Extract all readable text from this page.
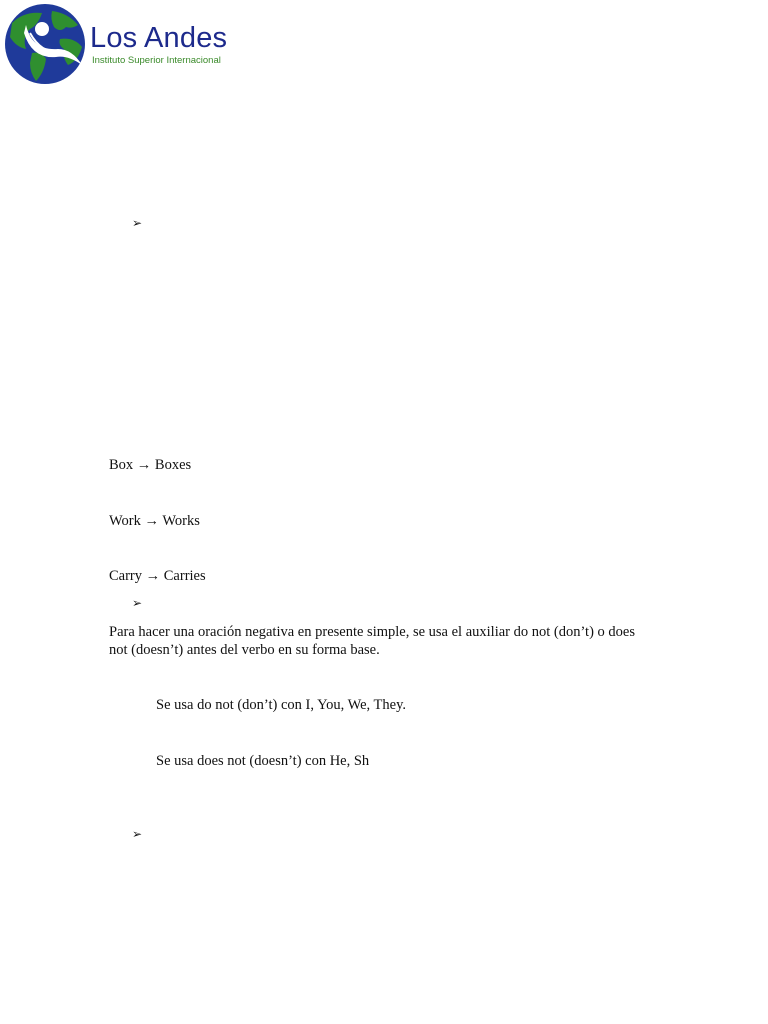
Los Andes
Instituto Superior Internacional
➢
Box → Boxes
Work → Works
Carry → Carries
➢
Para hacer una oración negativa en presente simple, se usa el auxiliar do not (don’t) o does not (doesn’t) antes del verbo en su forma base.
Se usa do not (don’t) con I, You, We, They.
Se usa does not (doesn’t) con He, Sh
➢
